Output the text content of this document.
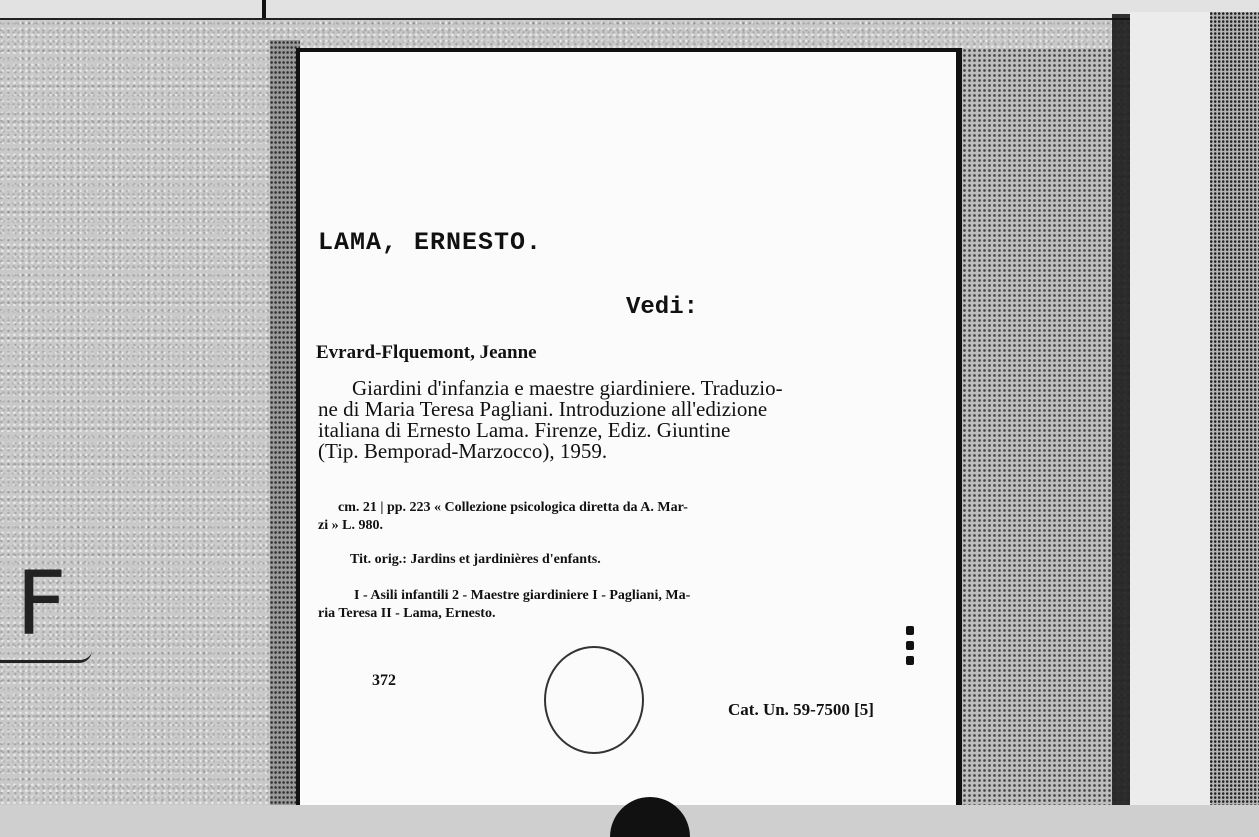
F
LAMA, ERNESTO.
Vedi:
Evrard-Flquemont, Jeanne
Giardini d'infanzia e maestre giardiniere. Traduzio-
ne di Maria Teresa Pagliani. Introduzione all'edizione
italiana di Ernesto Lama. Firenze, Ediz. Giuntine
(Tip. Bemporad-Marzocco), 1959.
cm. 21 | pp. 223 « Collezione psicologica diretta da A. Mar-
zi » L. 980.
Tit. orig.: Jardins et jardinières d'enfants.
I - Asili infantili 2 - Maestre giardiniere I - Pagliani, Ma-
ria Teresa II - Lama, Ernesto.
372
Cat. Un. 59-7500 [5]
